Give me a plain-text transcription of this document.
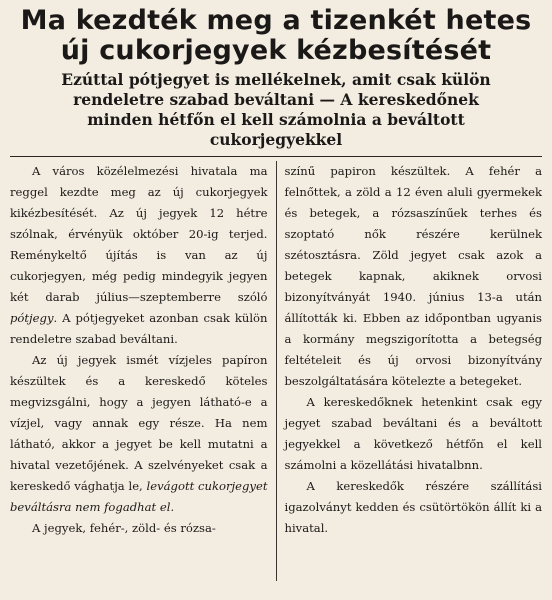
Ma kezdték meg a tizenkét hetes
új cukorjegyek kézbesítését
Ezúttal pótjegyet is mellékelnek, amit csak külön
rendeletre szabad beváltani — A kereskedőnek
minden hétfőn el kell számolnia a beváltott
cukorjegyekkel

A város közélelmezési hivatala ma reggel kezdte meg az új cukorjegyek kikézbesítését. Az új jegyek 12 hétre szólnak, érvényük október 20-ig terjed. Reménykeltő újítás is van az új cukorjegyen, még pedig mindegyik jegyen két darab július—szeptemberre szóló pótjegy. A pótjegyeket azonban csak külön rendeletre szabad beváltani.

Az új jegyek ismét vízjeles papíron készültek és a kereskedő köteles megvizsgálni, hogy a jegyen látható-e a vízjel, vagy annak egy része. Ha nem látható, akkor a jegyet be kell mutatni a hivatal vezetőjének. A szelvényeket csak a kereskedő vághatja le, levágott cukorjegyet beváltásra nem fogadhat el.

A jegyek, fehér-, zöld- és rózsa-

színű papiron készültek. A fehér a felnőttek, a zöld a 12 éven aluli gyermekek és betegek, a rózsaszínűek terhes és szoptató nők részére kerülnek szétosztásra. Zöld jegyet csak azok a betegek kapnak, akiknek orvosi bizonyítványát 1940. június 13-a után állították ki. Ebben az időpontban ugyanis a kormány megszigorította a betegség feltételeit és új orvosi bizonyítvány beszolgáltatására kötelezte a betegeket.

A kereskedőknek hetenkint csak egy jegyet szabad beváltani és a beváltott jegyekkel a következő hétfőn el kell számolni a közellátási hivatalbnn.

A kereskedők részére szállítási igazolványt kedden és csütörtökön állít ki a hivatal.
